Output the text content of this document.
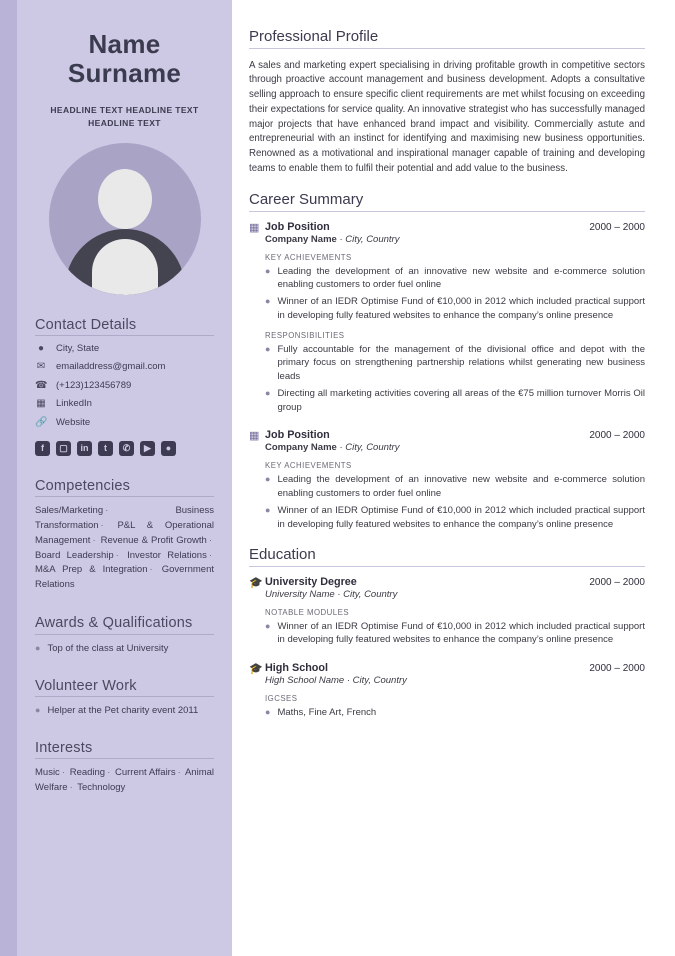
Name
Surname
HEADLINE TEXT HEADLINE TEXT HEADLINE TEXT
Contact Details
●	City, State
✉ emailaddress@gmail.com
☎ (+123)123456789
▦ LinkedIn
🔗 Website
f	▢	in	t	✆	▶	●
Competencies
Sales/Marketing ·	Business Transformation · P&L & Operational Management · Revenue & Profit Growth · Board Leadership · Investor Relations · M&A Prep & Integration · Government Relations
Awards & Qualifications
● Top of the class at University
Volunteer Work
● Helper at the Pet charity event 2011
Interests
Music · Reading · Current Affairs · Animal Welfare · Technology
Professional Profile

A sales and marketing expert specialising in driving profitable growth in competitive sectors through proactive account management and business development. Adopts a consultative selling approach to ensure specific client requirements are met whilst focusing on exceeding their expectations for service quality. An innovative strategist who has successfully managed major projects that have enhanced brand impact and visibility. Commercially astute and entrepreneurial with an instinct for identifying and maximising new business opportunities. Renowned as a motivational and inspirational manager capable of training and developing teams to enable them to fulfil their potential and add value to the business.

Career Summary
▦ Job Position	2000 – 2000
Company Name · City, Country
KEY ACHIEVEMENTS
● Leading the development of an innovative new website and e-commerce solution enabling customers to order fuel online
● Winner of an IEDR Optimise Fund of €10,000 in 2012 which included practical support in developing fully featured websites to enhance the company’s online presence
RESPONSIBILITIES
● Fully accountable for the management of the divisional office and depot with the primary focus on strengthening partnership relations whilst generating new business leads
● Directing all marketing activities covering all areas of the €75 million turnover Morris Oil group
▦ Job Position	2000 – 2000
Company Name · City, Country
KEY ACHIEVEMENTS
● Leading the development of an innovative new website and e-commerce solution enabling customers to order fuel online
● Winner of an IEDR Optimise Fund of €10,000 in 2012 which included practical support in developing fully featured websites to enhance the company’s online presence
Education
🎓 University Degree	2000 – 2000
University Name · City, Country
NOTABLE MODULES
● Winner of an IEDR Optimise Fund of €10,000 in 2012 which included practical support in developing fully featured websites to enhance the company’s online presence
🎓 High School	2000 – 2000
High School Name · City, Country
IGCSES
● Maths, Fine Art, French
